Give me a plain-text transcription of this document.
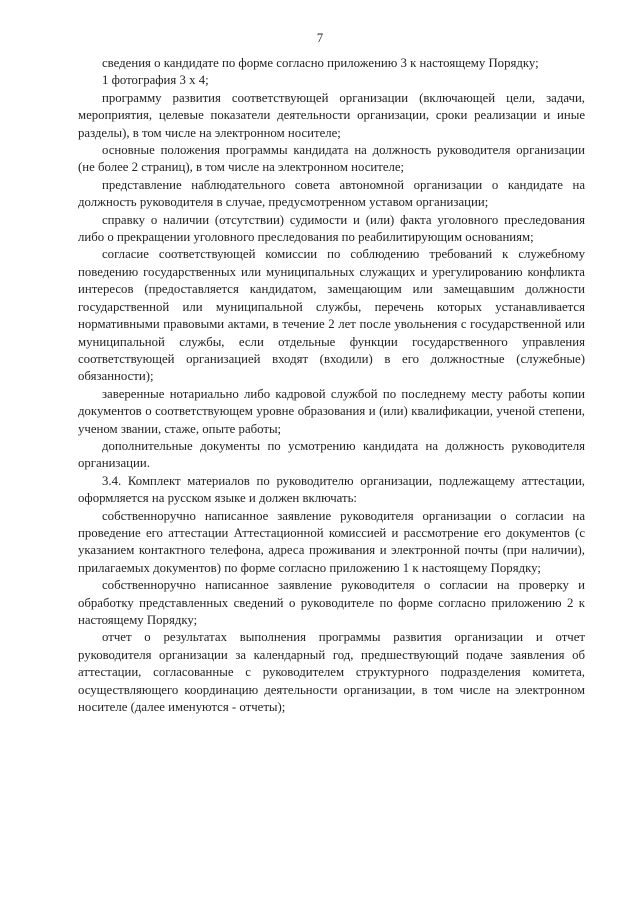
7

сведения о кандидате по форме согласно приложению 3 к настоящему Порядку;

1 фотография 3 х 4;

программу развития соответствующей организации (включающей цели, задачи, мероприятия, целевые показатели деятельности организации, сроки реализации и иные разделы), в том числе на электронном носителе;

основные положения программы кандидата на должность руководителя организации (не более 2 страниц), в том числе на электронном носителе;

представление наблюдательного совета автономной организации о кандидате на должность руководителя в случае, предусмотренном уставом организации;

справку о наличии (отсутствии) судимости и (или) факта уголовного преследования либо о прекращении уголовного преследования по реабилитирующим основаниям;

согласие соответствующей комиссии по соблюдению требований к служебному поведению государственных или муниципальных служащих и урегулированию конфликта интересов (предоставляется кандидатом, замещающим или замещавшим должности государственной или муниципальной службы, перечень которых устанавливается нормативными правовыми актами, в течение 2 лет после увольнения с государственной или муниципальной службы, если отдельные функции государственного управления соответствующей организацией входят (входили) в его должностные (служебные) обязанности);

заверенные нотариально либо кадровой службой по последнему месту работы копии документов о соответствующем уровне образования и (или) квалификации, ученой степени, ученом звании, стаже, опыте работы;

дополнительные документы по усмотрению кандидата на должность руководителя организации.

3.4. Комплект материалов по руководителю организации, подлежащему аттестации, оформляется на русском языке и должен включать:

собственноручно написанное заявление руководителя организации о согласии на проведение его аттестации Аттестационной комиссией и рассмотрение его документов (с указанием контактного телефона, адреса проживания и электронной почты (при наличии), прилагаемых документов) по форме согласно приложению 1 к настоящему Порядку;

собственноручно написанное заявление руководителя о согласии на проверку и обработку представленных сведений о руководителе по форме согласно приложению 2 к настоящему Порядку;

отчет о результатах выполнения программы развития организации и отчет руководителя организации за календарный год, предшествующий подаче заявления об аттестации, согласованные с руководителем структурного подразделения комитета, осуществляющего координацию деятельности организации, в том числе на электронном носителе (далее именуются - отчеты);
